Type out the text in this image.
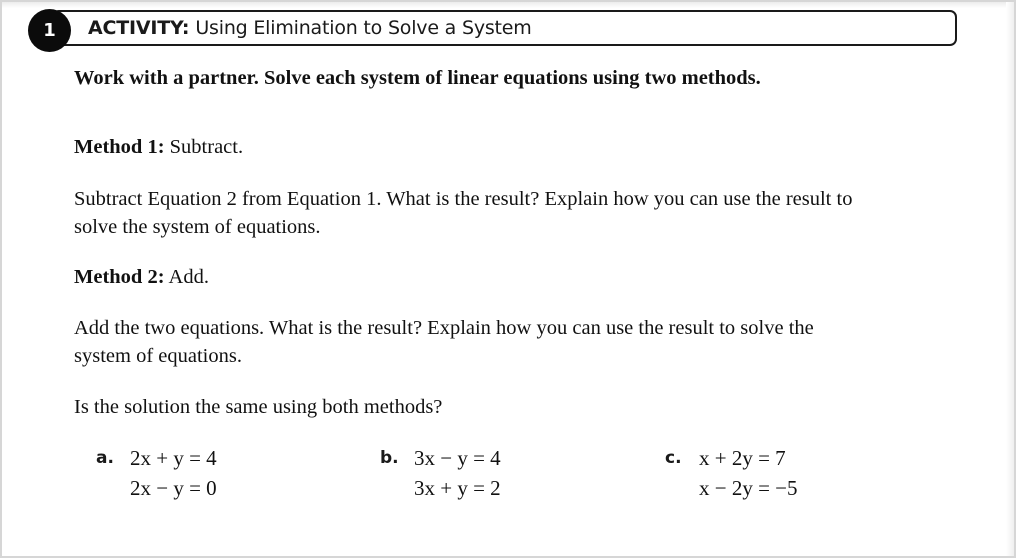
1 ACTIVITY: Using Elimination to Solve a System

Work with a partner. Solve each system of linear equations using two methods.

Method 1: Subtract.

Subtract Equation 2 from Equation 1. What is the result? Explain how you can use the result to solve the system of equations.

Method 2: Add.

Add the two equations. What is the result? Explain how you can use the result to solve the system of equations.

Is the solution the same using both methods?

a. 2x + y = 4
2x − y = 0
b. 3x − y = 4
3x + y = 2
c. x + 2y = 7
x − 2y = −5
